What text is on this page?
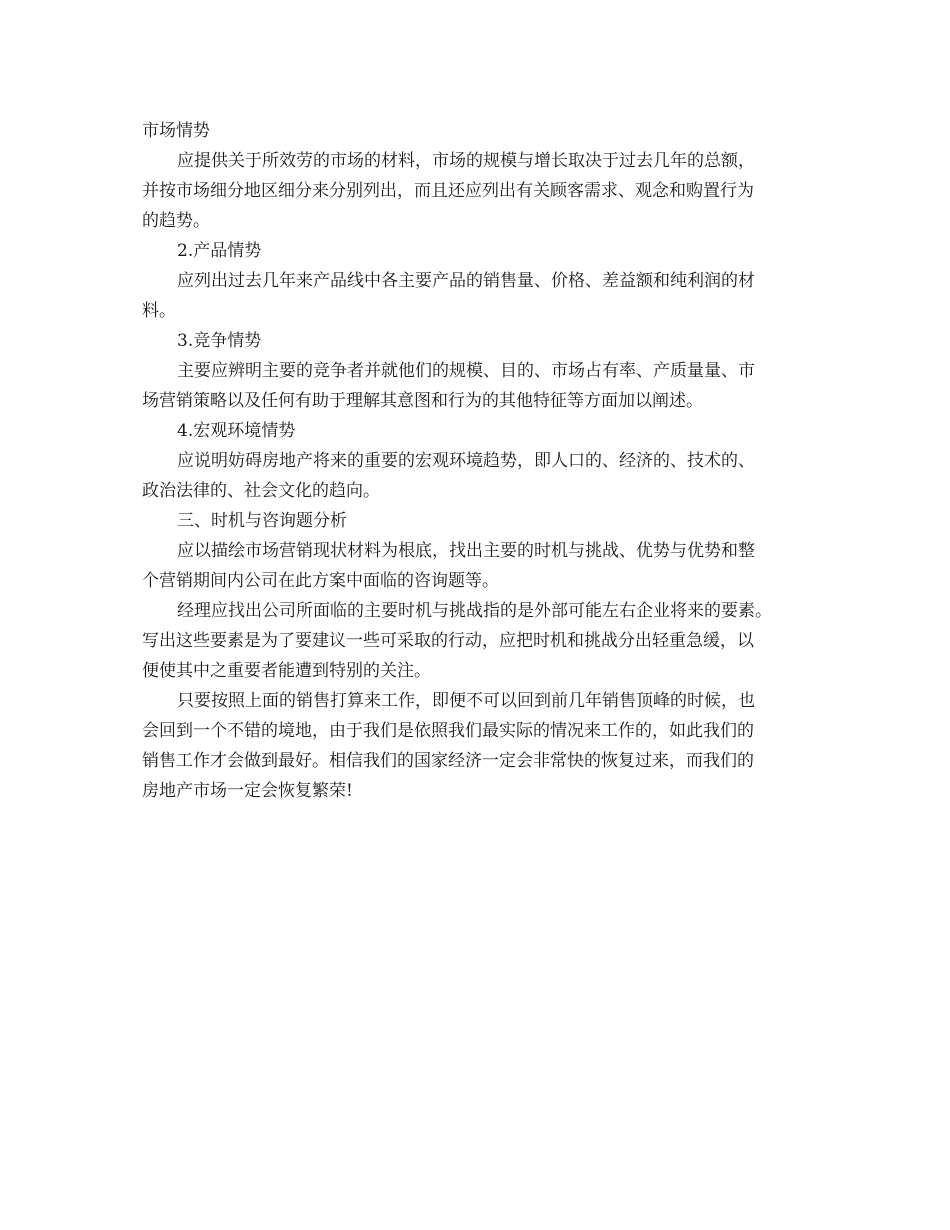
市场情势
应提供关于所效劳的市场的材料，市场的规模与增长取决于过去几年的总额，
并按市场细分地区细分来分别列出，而且还应列出有关顾客需求、观念和购置行为
的趋势。
2.产品情势
应列出过去几年来产品线中各主要产品的销售量、价格、差益额和纯利润的材
料。
3.竞争情势
主要应辨明主要的竞争者并就他们的规模、目的、市场占有率、产质量量、市
场营销策略以及任何有助于理解其意图和行为的其他特征等方面加以阐述。
4.宏观环境情势
应说明妨碍房地产将来的重要的宏观环境趋势，即人口的、经济的、技术的、
政治法律的、社会文化的趋向。
三、时机与咨询题分析
应以描绘市场营销现状材料为根底，找出主要的时机与挑战、优势与优势和整
个营销期间内公司在此方案中面临的咨询题等。
经理应找出公司所面临的主要时机与挑战指的是外部可能左右企业将来的要素。
写出这些要素是为了要建议一些可采取的行动，应把时机和挑战分出轻重急缓，以
便使其中之重要者能遭到特别的关注。
只要按照上面的销售打算来工作，即便不可以回到前几年销售顶峰的时候，也
会回到一个不错的境地，由于我们是依照我们最实际的情况来工作的，如此我们的
销售工作才会做到最好。相信我们的国家经济一定会非常快的恢复过来，而我们的
房地产市场一定会恢复繁荣!
